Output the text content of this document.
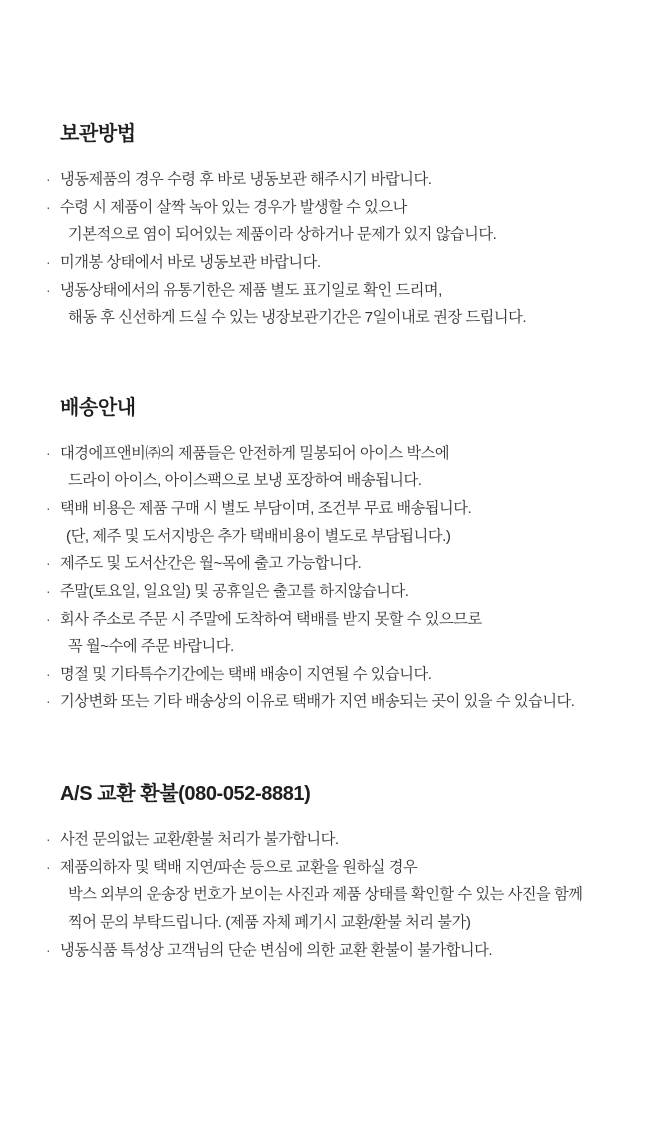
보관방법
· 냉동제품의 경우 수령 후 바로 냉동보관 해주시기 바랍니다.
· 수령 시 제품이 살짝 녹아 있는 경우가 발생할 수 있으나
기본적으로 염이 되어있는 제품이라 상하거나 문제가 있지 않습니다.
· 미개봉 상태에서 바로 냉동보관 바랍니다.
· 냉동상태에서의 유통기한은 제품 별도 표기일로 확인 드리며,
해동 후 신선하게 드실 수 있는 냉장보관기간은 7일이내로 권장 드립니다.
배송안내
· 대경에프앤비㈜의 제품들은 안전하게 밀봉되어 아이스 박스에
드라이 아이스, 아이스팩으로 보냉 포장하여 배송됩니다.
· 택배 비용은 제품 구매 시 별도 부담이며, 조건부 무료 배송됩니다.
(단, 제주 및 도서지방은 추가 택배비용이 별도로 부담됩니다.)
· 제주도 및 도서산간은 월~목에 출고 가능합니다.
· 주말(토요일, 일요일) 및 공휴일은 출고를 하지않습니다.
· 회사 주소로 주문 시 주말에 도착하여 택배를 받지 못할 수 있으므로
꼭 월~수에 주문 바랍니다.
· 명절 및 기타특수기간에는 택배 배송이 지연될 수 있습니다.
· 기상변화 또는 기타 배송상의 이유로 택배가 지연 배송되는 곳이 있을 수 있습니다.
A/S 교환 환불(080-052-8881)
· 사전 문의없는 교환/환불 처리가 불가합니다.
· 제품의하자 및 택배 지연/파손 등으로 교환을 원하실 경우
박스 외부의 운송장 번호가 보이는 사진과 제품 상태를 확인할 수 있는 사진을 함께
찍어 문의 부탁드립니다. (제품 자체 폐기시 교환/환불 처리 불가)
· 냉동식품 특성상 고객님의 단순 변심에 의한 교환 환불이 불가합니다.
